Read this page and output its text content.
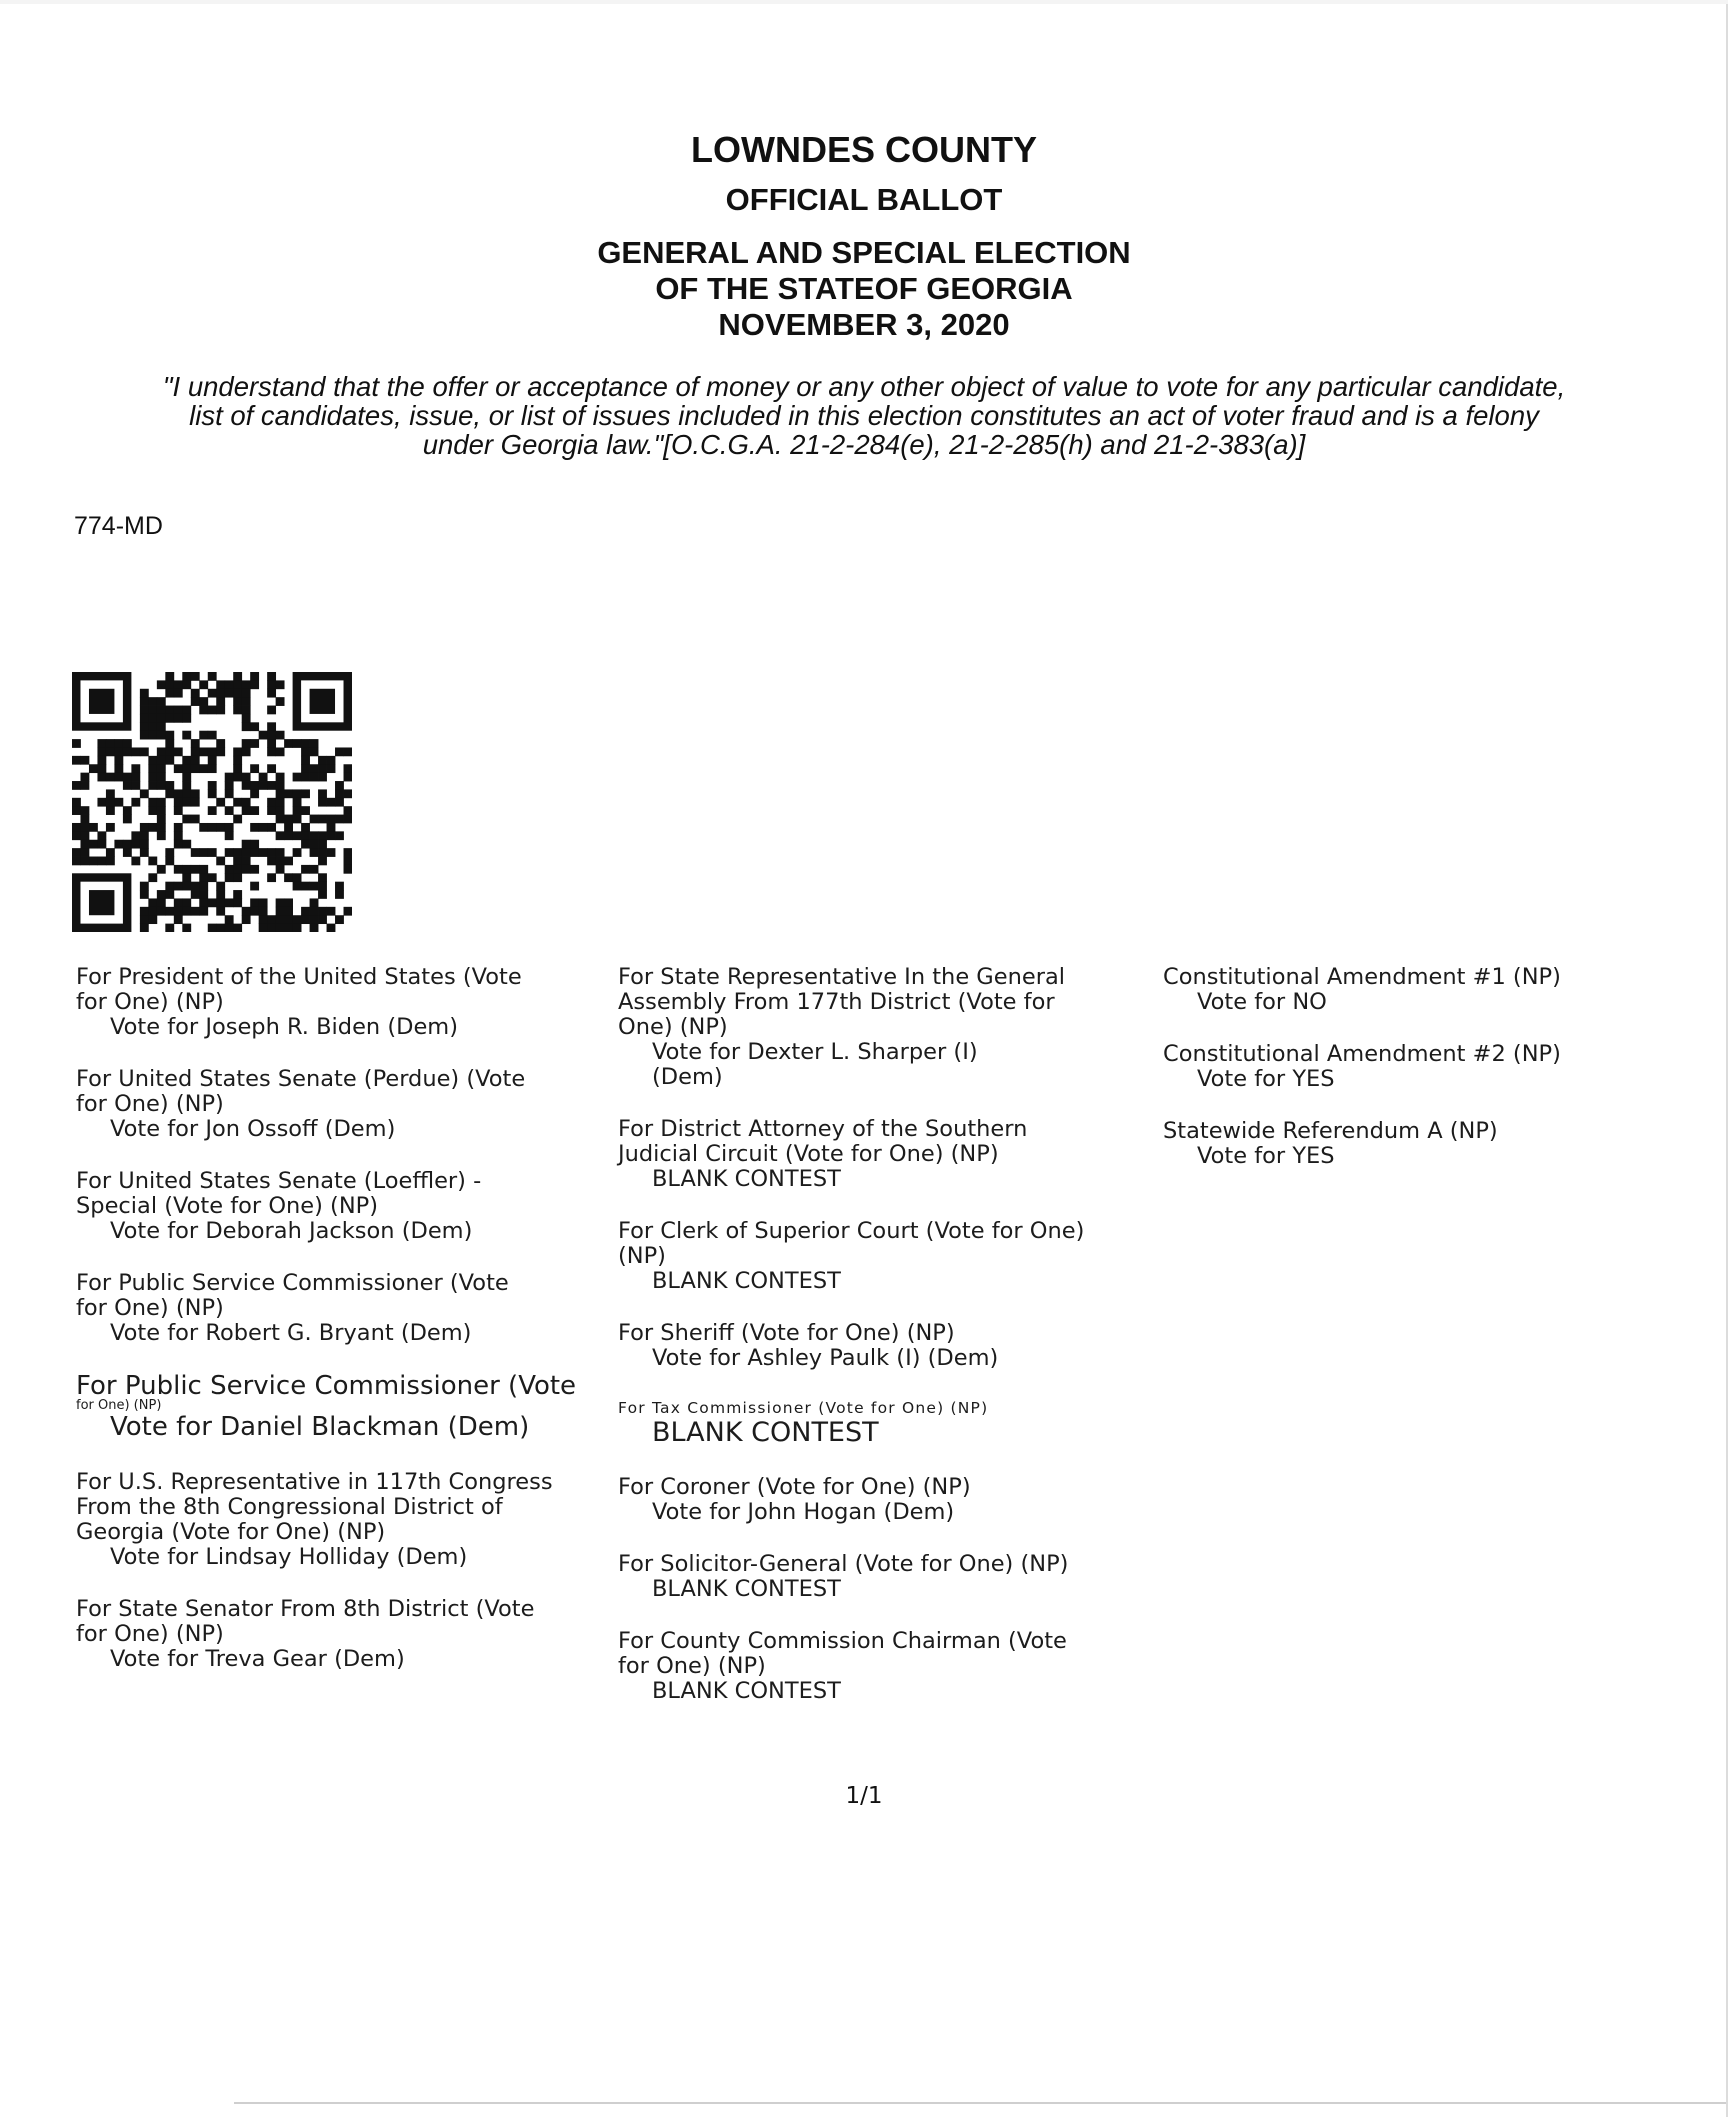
LOWNDES COUNTY
OFFICIAL BALLOT
GENERAL AND SPECIAL ELECTION
OF THE STATEOF GEORGIA
NOVEMBER 3, 2020
"I understand that the offer or acceptance of money or any other object of value to vote for any particular candidate,
list of candidates, issue, or list of issues included in this election constitutes an act of voter fraud and is a felony
under Georgia law."[O.C.G.A. 21-2-284(e), 21-2-285(h) and 21-2-383(a)]
774-MD
For President of the United States (Vote
for One) (NP)
Vote for Joseph R. Biden (Dem)
For United States Senate (Perdue) (Vote
for One) (NP)
Vote for Jon Ossoff (Dem)
For United States Senate (Loeffler) -
Special (Vote for One) (NP)
Vote for Deborah Jackson (Dem)
For Public Service Commissioner (Vote
for One) (NP)
Vote for Robert G. Bryant (Dem)
For Public Service Commissioner (Vote
for One) (NP)
Vote for Daniel Blackman (Dem)
For U.S. Representative in 117th Congress
From the 8th Congressional District of
Georgia (Vote for One) (NP)
Vote for Lindsay Holliday (Dem)
For State Senator From 8th District (Vote
for One) (NP)
Vote for Treva Gear (Dem)
For State Representative In the General
Assembly From 177th District (Vote for
One) (NP)
Vote for Dexter L. Sharper (I)
(Dem)
For District Attorney of the Southern
Judicial Circuit (Vote for One) (NP)
BLANK CONTEST
For Clerk of Superior Court (Vote for One)
(NP)
BLANK CONTEST
For Sheriff (Vote for One) (NP)
Vote for Ashley Paulk (I) (Dem)
For Tax Commissioner (Vote for One) (NP)
BLANK CONTEST
For Coroner (Vote for One) (NP)
Vote for John Hogan (Dem)
For Solicitor-General (Vote for One) (NP)
BLANK CONTEST
For County Commission Chairman (Vote
for One) (NP)
BLANK CONTEST
Constitutional Amendment #1 (NP)
Vote for NO
Constitutional Amendment #2 (NP)
Vote for YES
Statewide Referendum A (NP)
Vote for YES
1/1
